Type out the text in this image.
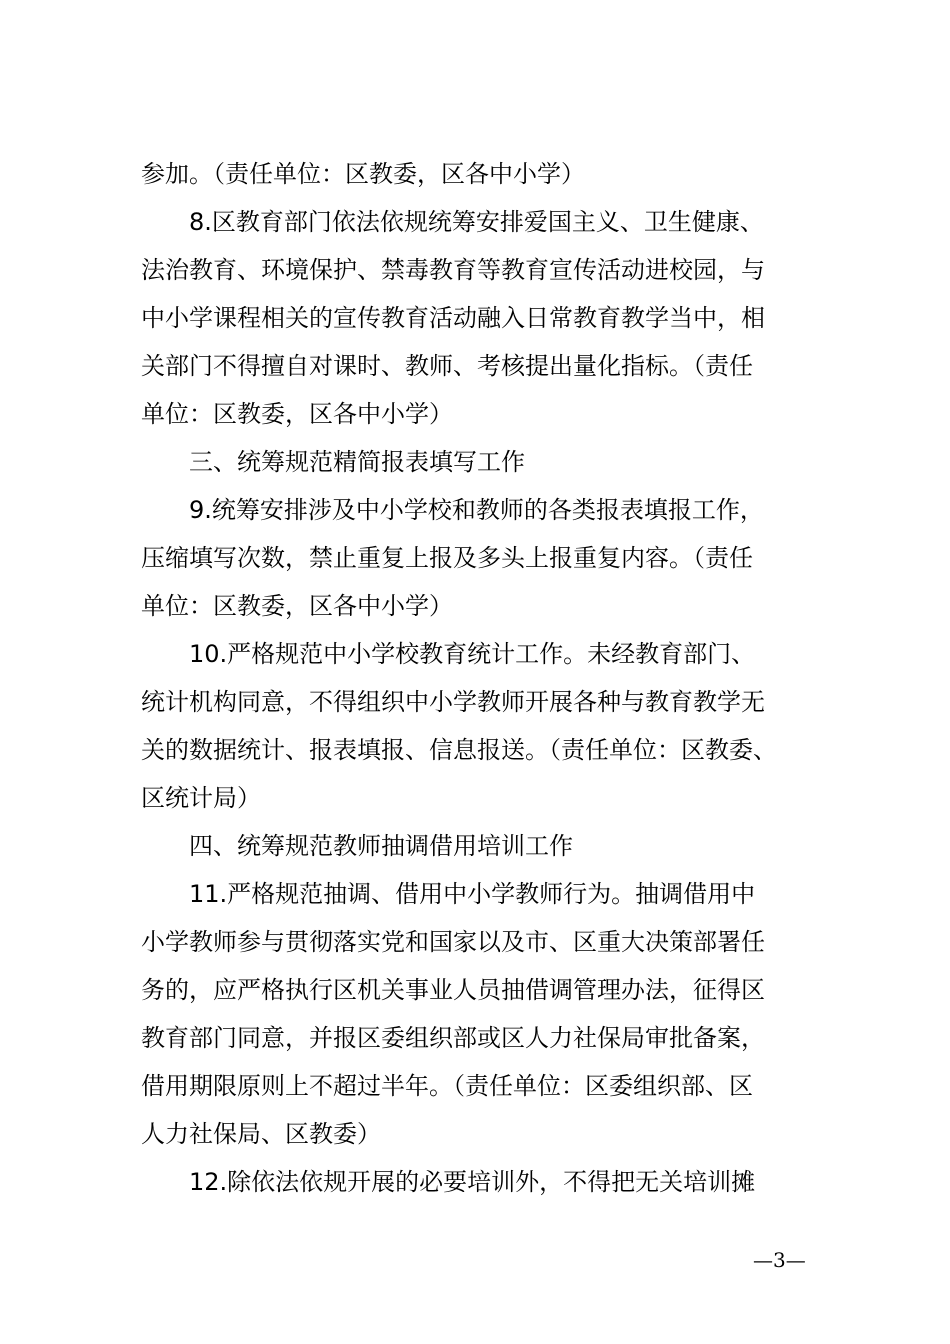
参加。（责任单位：区教委，区各中小学）
　　8.区教育部门依法依规统筹安排爱国主义、卫生健康、
法治教育、环境保护、禁毒教育等教育宣传活动进校园，与
中小学课程相关的宣传教育活动融入日常教育教学当中，相
关部门不得擅自对课时、教师、考核提出量化指标。（责任
单位：区教委，区各中小学）
　　三、统筹规范精简报表填写工作
　　9.统筹安排涉及中小学校和教师的各类报表填报工作，
压缩填写次数，禁止重复上报及多头上报重复内容。（责任
单位：区教委，区各中小学）
　　10.严格规范中小学校教育统计工作。未经教育部门、
统计机构同意，不得组织中小学教师开展各种与教育教学无
关的数据统计、报表填报、信息报送。（责任单位：区教委、
区统计局）
　　四、统筹规范教师抽调借用培训工作
　　11.严格规范抽调、借用中小学教师行为。抽调借用中
小学教师参与贯彻落实党和国家以及市、区重大决策部署任
务的，应严格执行区机关事业人员抽借调管理办法，征得区
教育部门同意，并报区委组织部或区人力社保局审批备案，
借用期限原则上不超过半年。（责任单位：区委组织部、区
人力社保局、区教委）
　　12.除依法依规开展的必要培训外，不得把无关培训摊
—3—
